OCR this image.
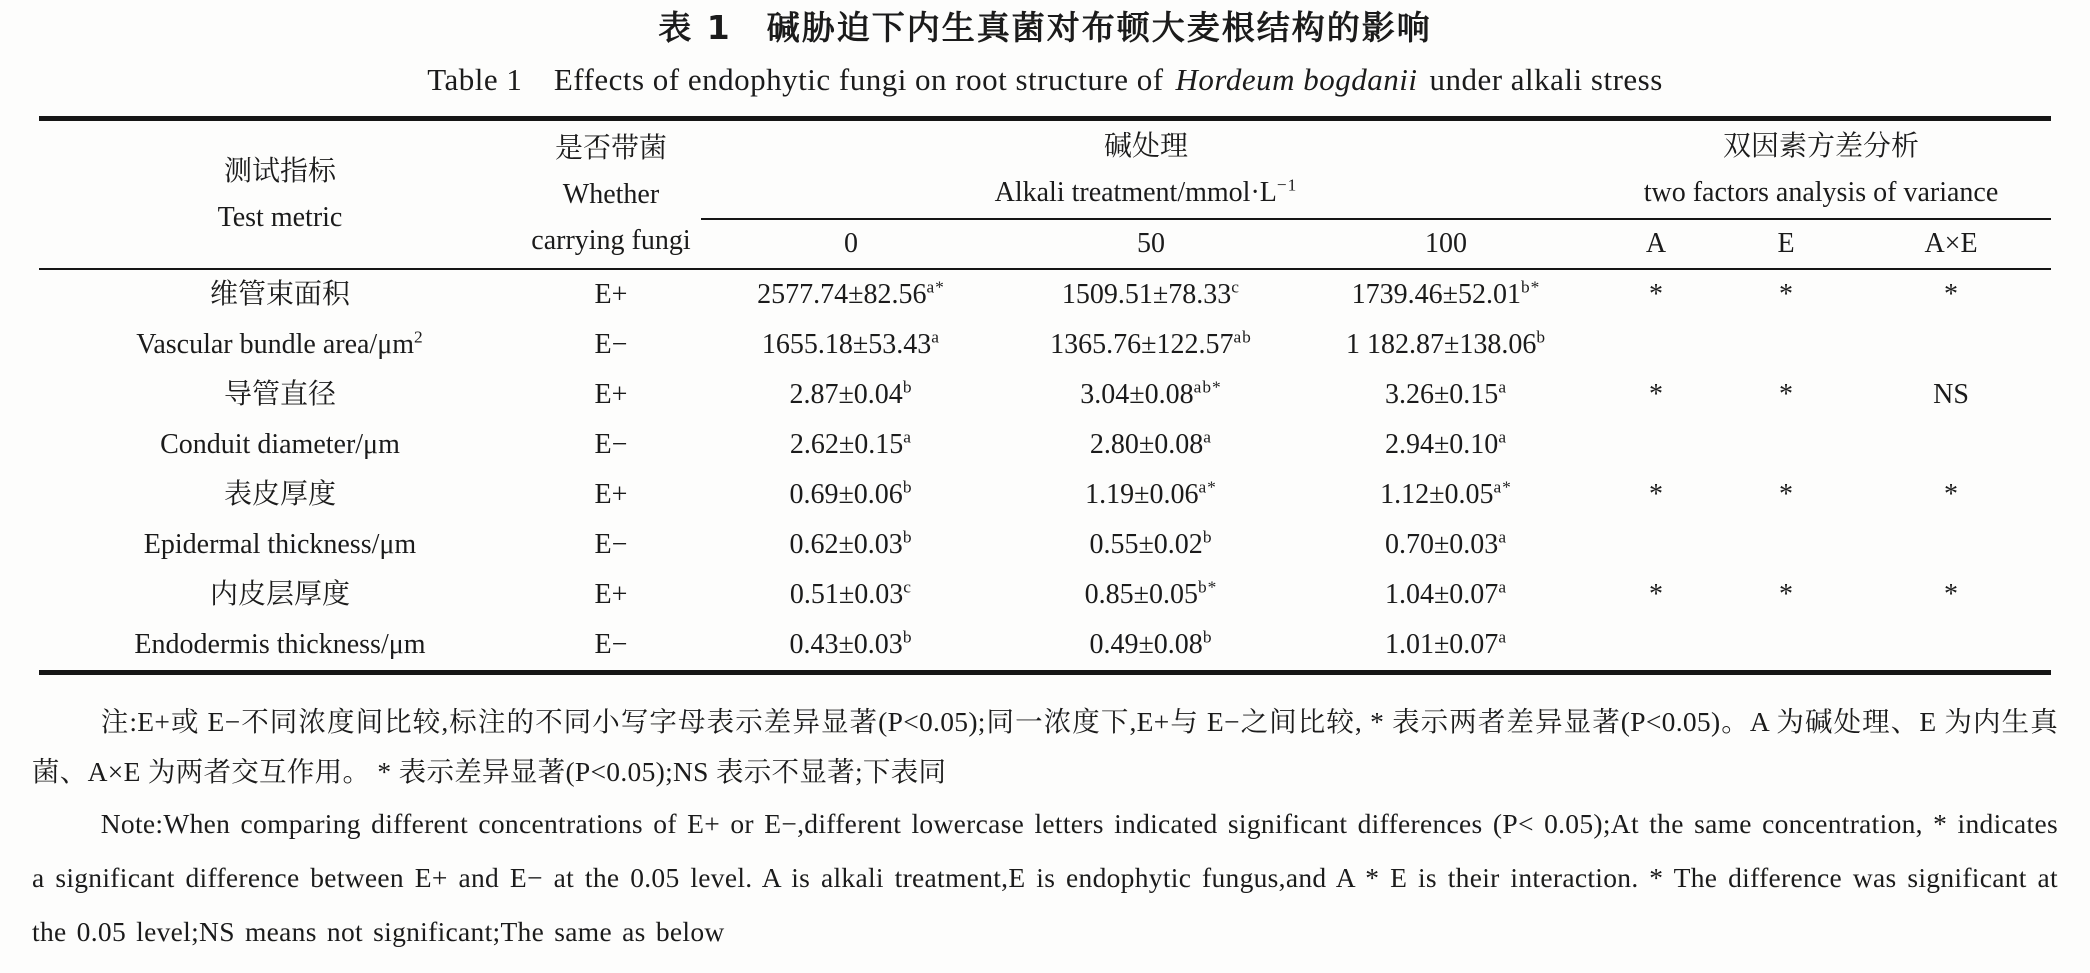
表 1　碱胁迫下内生真菌对布顿大麦根结构的影响
Table 1　Effects of endophytic fungi on root structure of Hordeum bogdanii under alkali stress
测试指标
Test metric

是否带菌
Whether
carrying fungi

碱处理
Alkali treatment/$mmol\cdot L^{-1}$

双因素方差分析
two factors analysis of variance

		0	50	100	A	E	A×E

维管束面积
Vascular bundle area/$\mu m^2$	E+	$2577.74\pm 82.56^{a*}$	1509.51±78.33$^c$	$1739.46\pm 52.01^{b*}$	*	*	*
	E−	1655.18±53.43$^a$	1365.76±122.57$^{ab}$	1 182.87±138.06$^b$			

导管直径
Conduit diameter/μm	E+	2.87±0.04$^b$	$3.04\pm 0.08^{ab*}$	3.26±0.15$^a$	*	*	NS
	E−	2.62±0.15$^a$	2.80±0.08$^a$	2.94±0.10$^a$			

表皮厚度
Epidermal thickness/μm	E+	0.69±0.06$^b$	$1.19\pm 0.06^{a*}$	$1.12\pm 0.05^{a*}$	*	*	*
	E−	0.62±0.03$^b$	0.55±0.02$^b$	0.70±0.03$^a$			

内皮层厚度
Endodermis thickness/μm	E+	0.51±0.03$^c$	$0.85\pm 0.05^{b*}$	1.04±0.07$^a$	*	*	*
	E−	0.43±0.03$^b$	0.49±0.08$^b$	1.01±0.07$^a$			

注:E+或 E−不同浓度间比较,标注的不同小写字母表示差异显著(P<0.05);同一浓度下,E+与 E−之间比较, * 表示两者差异显著(P<0.05)。A 为碱处理、E 为内生真菌、A×E 为两者交互作用。 * 表示差异显著(P<0.05);NS 表示不显著;下表同

Note:When comparing different concentrations of E+ or E−,different lowercase letters indicated significant differences (P< 0.05);At the same concentration, * indicates a significant difference between E+ and E− at the 0.05 level. A is alkali treatment,E is endophytic fungus,and A * E is their interaction. * The difference was significant at the 0.05 level;NS means not significant;The same as below
